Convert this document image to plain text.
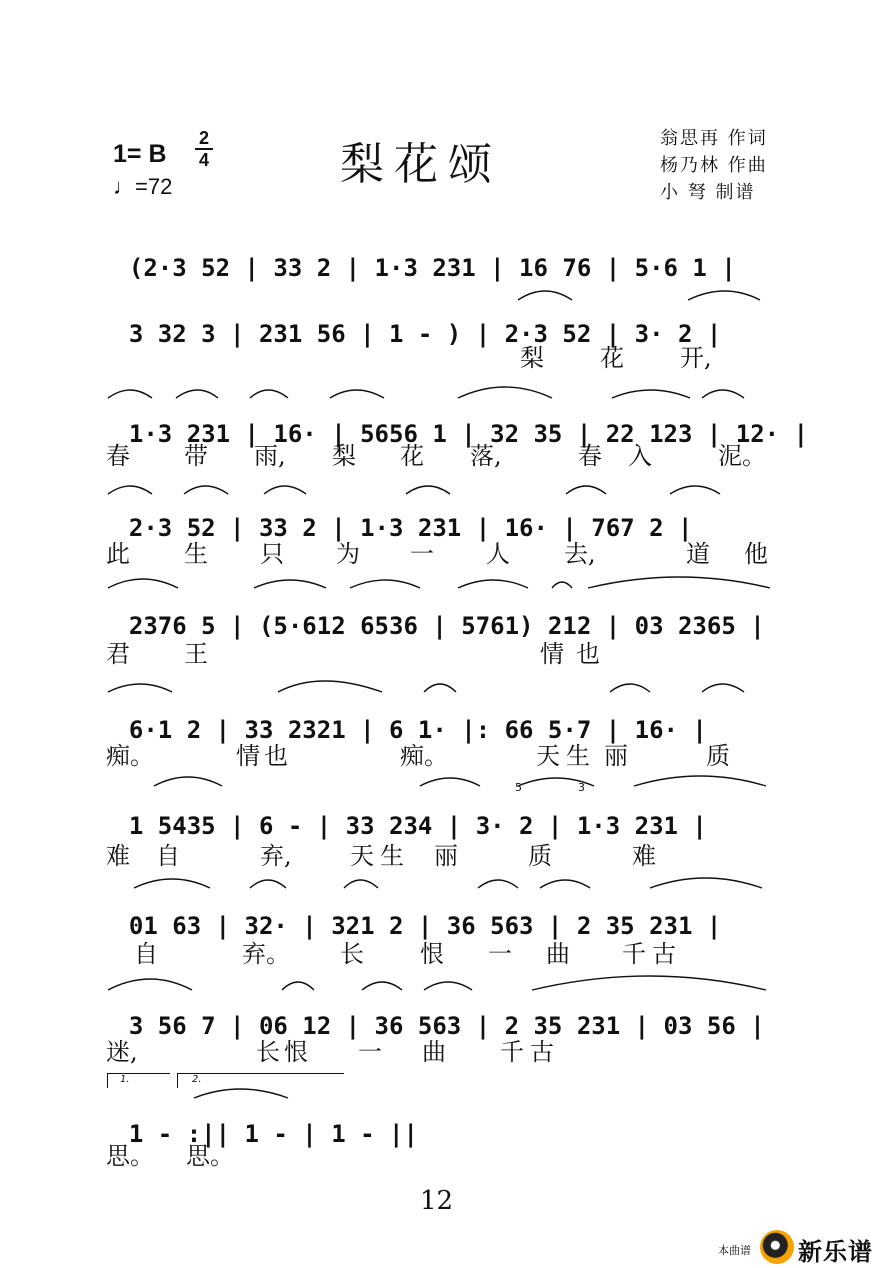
1= B
2
4
♩=72	梨花颂
翁思再 作词
杨乃林 作曲
小 弩 制谱

(2·3 52 | 33 2 | 1·3 231 | 16 76 | 5·6 1 |

3 32 3 | 231 56 | 1 - ) | 2·3 52 | 3· 2 |

梨 花 开,

1·3 231 | 16· | 5656 1 | 32 35 | 22 123 | 12· |

春 带 雨, 梨 花 落,	春 入	泥。

2·3 52 | 33 2 | 1·3 231 | 16· | 767 2 |

此 生 只 为 一 人 去,	道 他

2376 5 | (5·612 6536 | 5761) 212 | 03 2365 |

君 王	情 也

6·1 2 | 33 2321 | 6 1· |: 66 5·7 | 16· |

痴。	情 也	痴。	天 生 丽	质

1 5435 | 6 - | 33 234 | 3· 2 | 1·3 231 |

难 自	弃, 天 生 丽	质	难

01 63 | 32· | 321 2 | 36 563 | 2 35 231 |

自	弃。 长 恨 一 曲 千 古

3 56 7 | 06 12 | 36 563 | 2 35 231 | 03 56 |

迷,	长 恨 一 曲 千 古
1.	2.

1 - :|| 1 - | 1 - ||

思。 思。
5	3
12
本曲谱 新乐谱
